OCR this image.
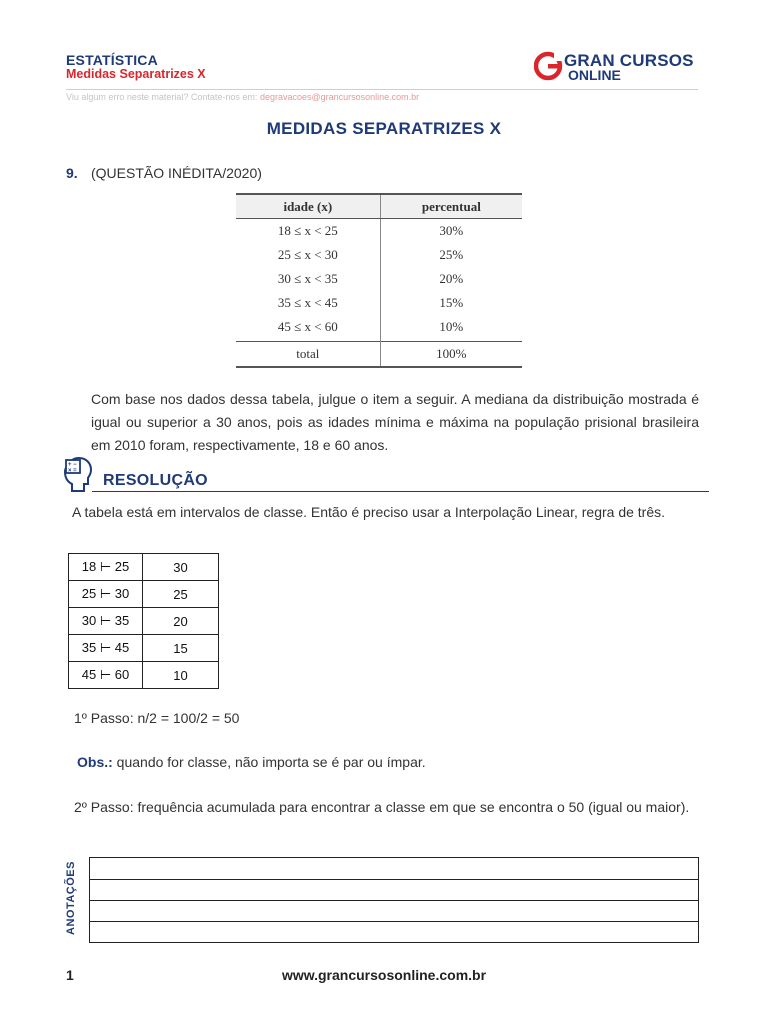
ESTATÍSTICA
Medidas Separatrizes X
GRAN CURSOS
ONLINE
Viu algum erro neste material? Contate-nos em: degravacoes@grancursosonline.com.br
MEDIDAS SEPARATRIZES X
9. (QUESTÃO INÉDITA/2020)
idade (x)	percentual
18 ≤ x < 25	30%
25 ≤ x < 30	25%
30 ≤ x < 35	20%
35 ≤ x < 45	15%
45 ≤ x < 60	10%
total	100%
Com base nos dados dessa tabela, julgue o item a seguir. A mediana da distribuição mostrada é igual ou superior a 30 anos, pois as idades mínima e máxima na população prisional brasileira em 2010 foram, respectivamente, 18 e 60 anos.
+ −
× =
RESOLUÇÃO
A tabela está em intervalos de classe. Então é preciso usar a Interpolação Linear, regra de três.
18 ⊢ 25	30
25 ⊢ 30	25
30 ⊢ 35	20
35 ⊢ 45	15
45 ⊢ 60	10
1º Passo: n/2 = 100/2 = 50
Obs.: quando for classe, não importa se é par ou ímpar.
2º Passo: frequência acumulada para encontrar a classe em que se encontra o 50 (igual ou maior).
ANOTAÇÕES
1	www.grancursosonline.com.br
